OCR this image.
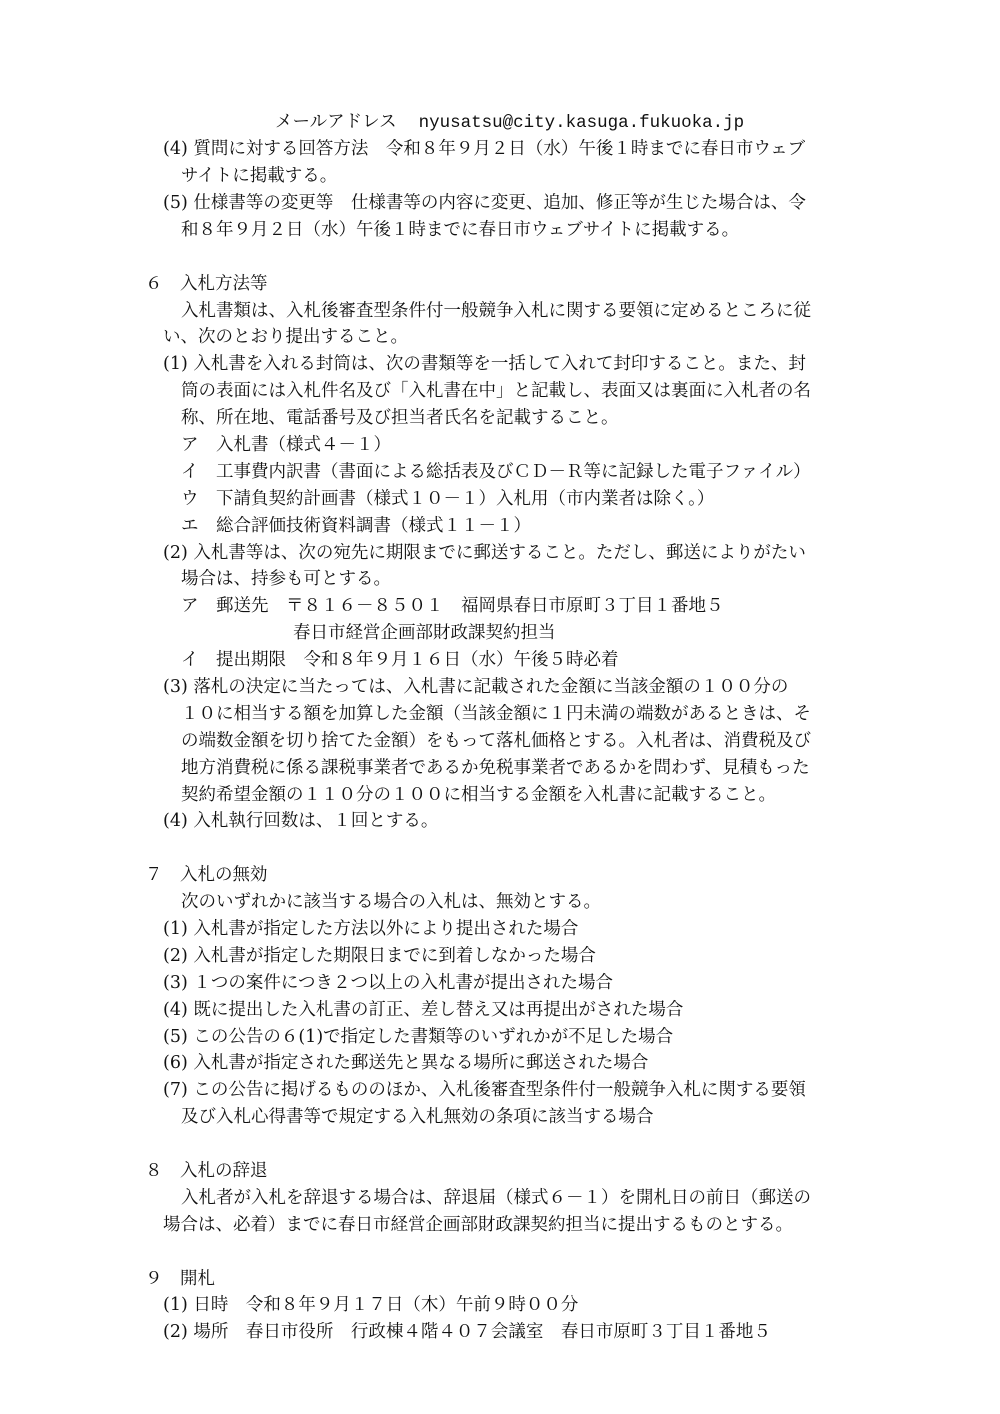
メールアドレス nyusatsu@city.kasuga.fukuoka.jp
(4) 質問に対する回答方法　令和８年９月２日（水）午後１時までに春日市ウェブ
サイトに掲載する。
(5) 仕様書等の変更等　仕様書等の内容に変更、追加、修正等が生じた場合は、令
和８年９月２日（水）午後１時までに春日市ウェブサイトに掲載する。
６　入札方法等
入札書類は、入札後審査型条件付一般競争入札に関する要領に定めるところに従
い、次のとおり提出すること。
(1) 入札書を入れる封筒は、次の書類等を一括して入れて封印すること。また、封
筒の表面には入札件名及び「入札書在中」と記載し、表面又は裏面に入札者の名
称、所在地、電話番号及び担当者氏名を記載すること。
ア　入札書（様式４－１）
イ　工事費内訳書（書面による総括表及びＣＤ－Ｒ等に記録した電子ファイル）
ウ　下請負契約計画書（様式１０－１）入札用（市内業者は除く。）
エ　総合評価技術資料調書（様式１１－１）
(2) 入札書等は、次の宛先に期限までに郵送すること。ただし、郵送によりがたい
場合は、持参も可とする。
ア　郵送先　〒８１６－８５０１　福岡県春日市原町３丁目１番地５
春日市経営企画部財政課契約担当
イ　提出期限　令和８年９月１６日（水）午後５時必着
(3) 落札の決定に当たっては、入札書に記載された金額に当該金額の１００分の
１０に相当する額を加算した金額（当該金額に１円未満の端数があるときは、そ
の端数金額を切り捨てた金額）をもって落札価格とする。入札者は、消費税及び
地方消費税に係る課税事業者であるか免税事業者であるかを問わず、見積もった
契約希望金額の１１０分の１００に相当する金額を入札書に記載すること。
(4) 入札執行回数は、１回とする。
７　入札の無効
次のいずれかに該当する場合の入札は、無効とする。
(1) 入札書が指定した方法以外により提出された場合
(2) 入札書が指定した期限日までに到着しなかった場合
(3) １つの案件につき２つ以上の入札書が提出された場合
(4) 既に提出した入札書の訂正、差し替え又は再提出がされた場合
(5) この公告の６(1)で指定した書類等のいずれかが不足した場合
(6) 入札書が指定された郵送先と異なる場所に郵送された場合
(7) この公告に掲げるもののほか、入札後審査型条件付一般競争入札に関する要領
及び入札心得書等で規定する入札無効の条項に該当する場合
８　入札の辞退
入札者が入札を辞退する場合は、辞退届（様式６－１）を開札日の前日（郵送の
場合は、必着）までに春日市経営企画部財政課契約担当に提出するものとする。
９　開札
(1) 日時　令和８年９月１７日（木）午前９時００分
(2) 場所　春日市役所　行政棟４階４０７会議室　春日市原町３丁目１番地５
